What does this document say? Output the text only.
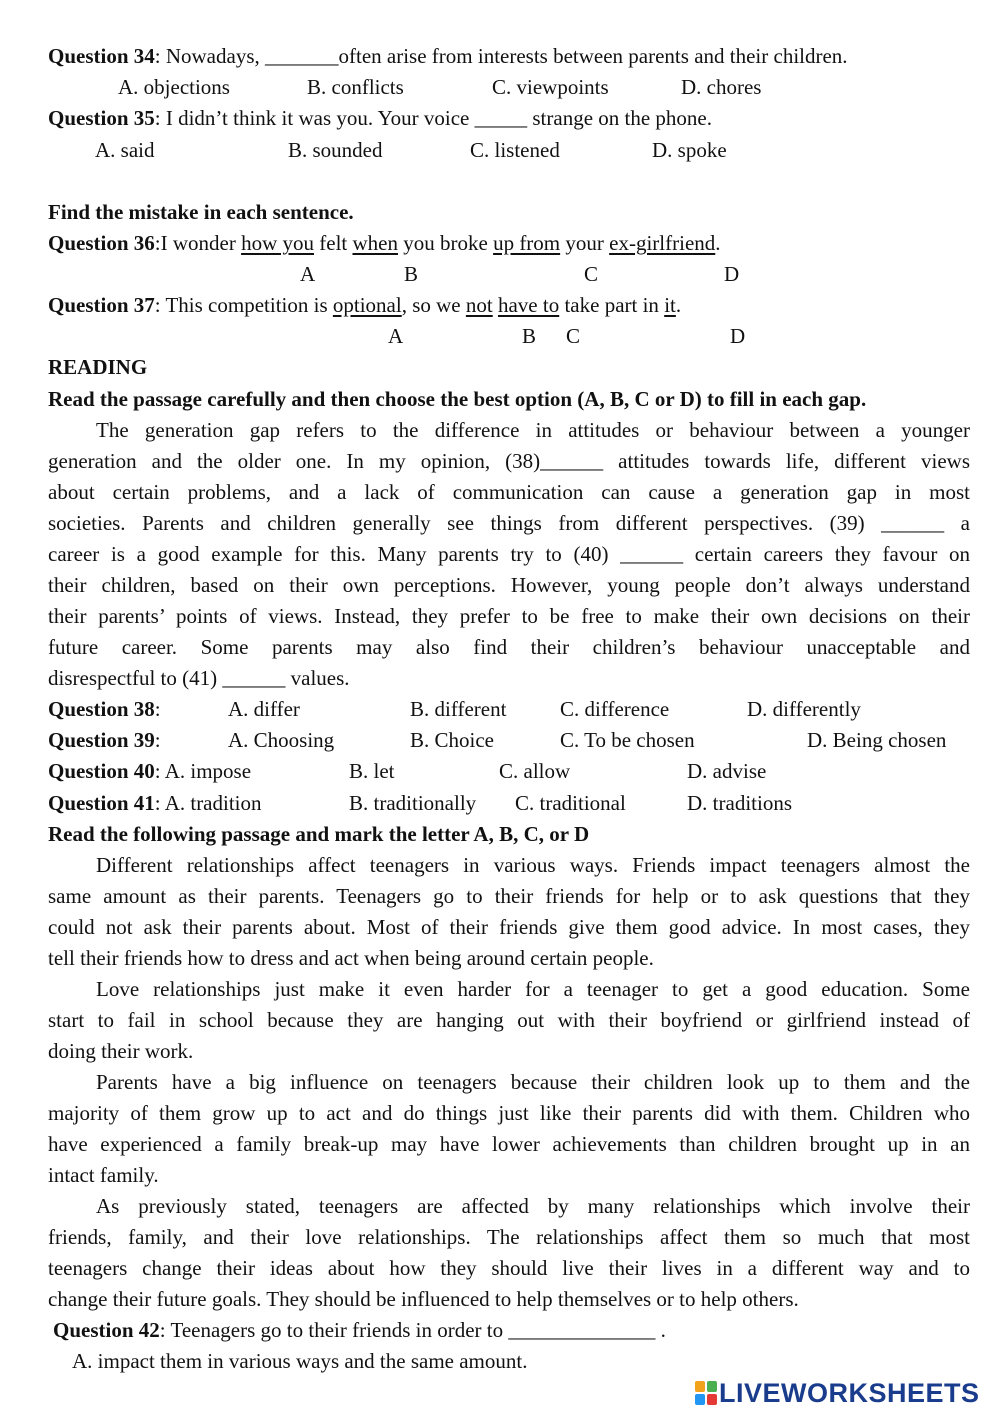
Question 34: Nowadays, _______often arise from interests between parents and their children.
A. objections	B. conflicts	C. viewpoints	D. chores
Question 35: I didn’t think it was you. Your voice _____ strange on the phone.
A. said	B. sounded	C. listened	D. spoke
Find the mistake in each sentence.
Question 36:I wonder how you felt when you broke up from your ex-girlfriend.
A	B	C	D
Question 37: This competition is optional, so we not have to take part in it.
A	B C	D
READING
Read the passage carefully and then choose the best option (A, B, C or D) to fill in each gap.
The generation gap refers to the difference in attitudes or behaviour between a younger
generation and the older one. In my opinion, (38)______ attitudes towards life, different views
about certain problems, and a lack of communication can cause a generation gap in most
societies. Parents and children generally see things from different perspectives. (39) ______ a
career is a good example for this. Many parents try to (40) ______ certain careers they favour on
their children, based on their own perceptions. However, young people don’t always understand
their parents’ points of views. Instead, they prefer to be free to make their own decisions on their
future career. Some parents may also find their children’s behaviour unacceptable and
disrespectful to (41) ______ values.
Question 38:	A. differ	B. different	C. difference	D. differently
Question 39:	A. Choosing	B. Choice	C. To be chosen	D. Being chosen
Question 40: A. impose	B. let	C. allow	D. advise
Question 41: A. tradition	B. traditionally C. traditional	D. traditions
Read the following passage and mark the letter A, B, C, or D
Different relationships affect teenagers in various ways. Friends impact teenagers almost the
same amount as their parents. Teenagers go to their friends for help or to ask questions that they
could not ask their parents about. Most of their friends give them good advice. In most cases, they
tell their friends how to dress and act when being around certain people.
Love relationships just make it even harder for a teenager to get a good education. Some
start to fail in school because they are hanging out with their boyfriend or girlfriend instead of
doing their work.
Parents have a big influence on teenagers because their children look up to them and the
majority of them grow up to act and do things just like their parents did with them. Children who
have experienced a family break-up may have lower achievements than children brought up in an
intact family.
As previously stated, teenagers are affected by many relationships which involve their
friends, family, and their love relationships. The relationships affect them so much that most
teenagers change their ideas about how they should live their lives in a different way and to
change their future goals. They should be influenced to help themselves or to help others.
Question 42: Teenagers go to their friends in order to ______________ .
A. impact them in various ways and the same amount.
LIVEWORKSHEETS
